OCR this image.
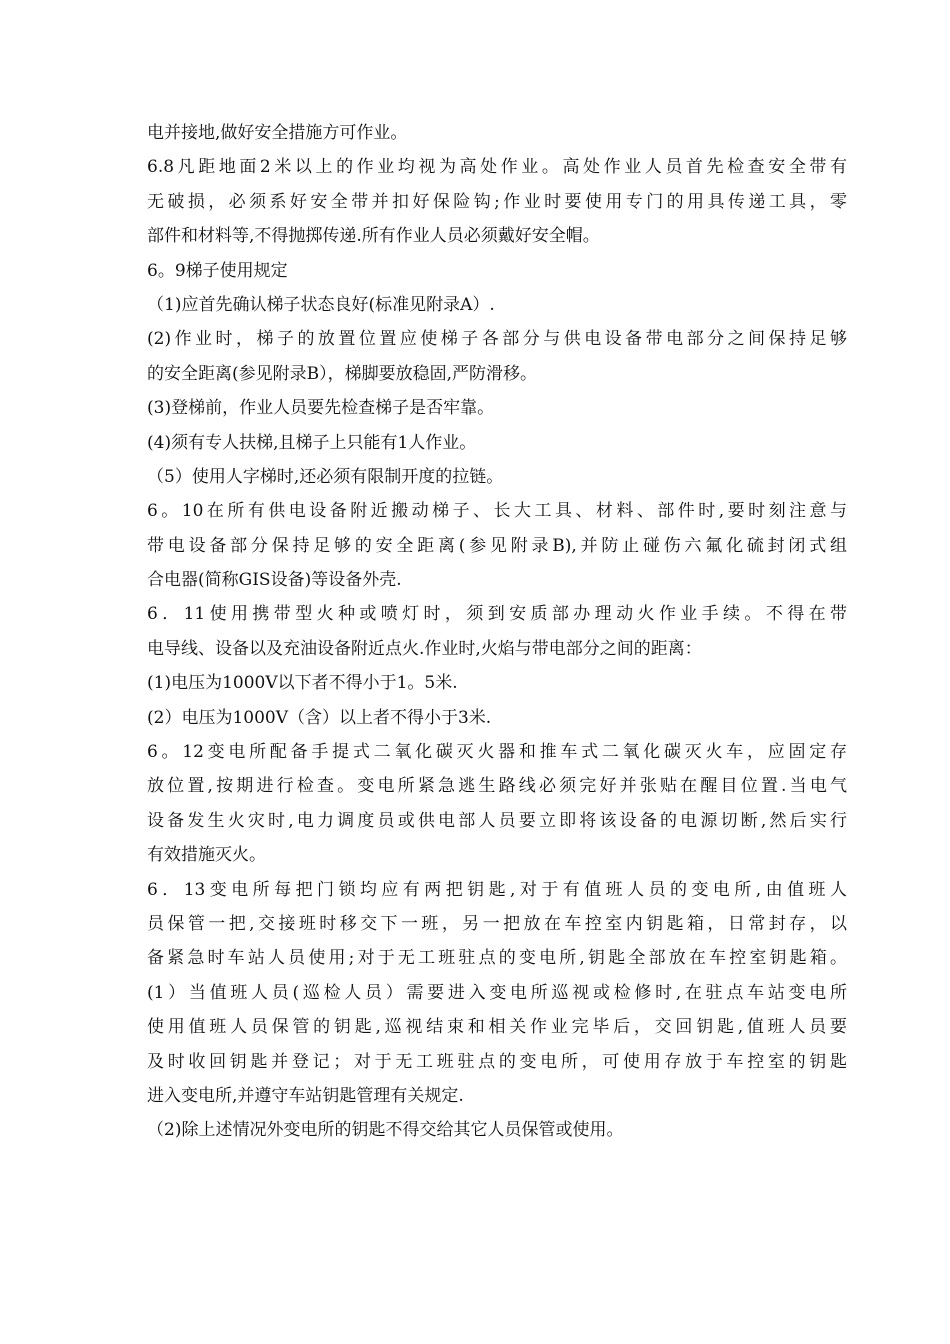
电并接地,做好安全措施方可作业。
6.8凡距地面2米以上的作业均视为高处作业。高处作业人员首先检查安全带有
无破损，必须系好安全带并扣好保险钩;作业时要使用专门的用具传递工具，零
部件和材料等,不得抛掷传递.所有作业人员必须戴好安全帽。
6。9梯子使用规定
（1)应首先确认梯子状态良好(标准见附录A）.
(2)作业时，梯子的放置位置应使梯子各部分与供电设备带电部分之间保持足够
的安全距离(参见附录B），梯脚要放稳固,严防滑移。
(3)登梯前，作业人员要先检查梯子是否牢靠。
(4)须有专人扶梯,且梯子上只能有1人作业。
（5）使用人字梯时,还必须有限制开度的拉链。
6。10在所有供电设备附近搬动梯子、长大工具、材料、部件时,要时刻注意与
带电设备部分保持足够的安全距离(参见附录B),并防止碰伤六氟化硫封闭式组
合电器(简称GIS设备)等设备外壳.
6．11使用携带型火种或喷灯时，须到安质部办理动火作业手续。不得在带
电导线、设备以及充油设备附近点火.作业时,火焰与带电部分之间的距离：
(1)电压为1000V以下者不得小于1。5米.
(2）电压为1000V（含）以上者不得小于3米.
6。12变电所配备手提式二氧化碳灭火器和推车式二氧化碳灭火车，应固定存
放位置,按期进行检查。变电所紧急逃生路线必须完好并张贴在醒目位置.当电气
设备发生火灾时,电力调度员或供电部人员要立即将该设备的电源切断,然后实行
有效措施灭火。
6．13变电所每把门锁均应有两把钥匙,对于有值班人员的变电所,由值班人
员保管一把,交接班时移交下一班，另一把放在车控室内钥匙箱，日常封存，以
备紧急时车站人员使用;对于无工班驻点的变电所,钥匙全部放在车控室钥匙箱。
(1）当值班人员(巡检人员）需要进入变电所巡视或检修时,在驻点车站变电所
使用值班人员保管的钥匙,巡视结束和相关作业完毕后，交回钥匙,值班人员要
及时收回钥匙并登记；对于无工班驻点的变电所，可使用存放于车控室的钥匙
进入变电所,并遵守车站钥匙管理有关规定.
（2)除上述情况外变电所的钥匙不得交给其它人员保管或使用。
